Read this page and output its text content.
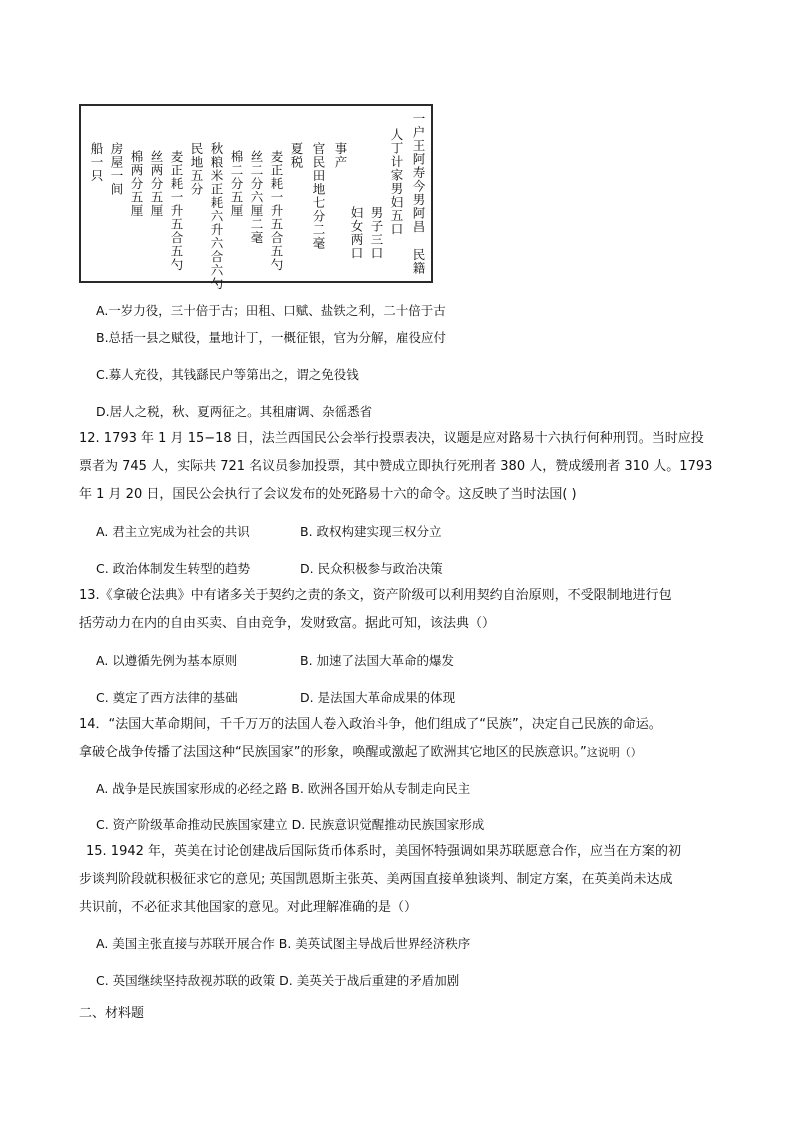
一户王阿寿今男阿昌
民籍
人丁计家男妇五口
男子三口
妇女两口
事产
官民田地七分二毫
夏税
麦正耗一升五合五勺
丝二分六厘二毫
棉二分五厘
秋粮米正耗六升六合六勺
民地五分
麦正耗一升五合五勺
丝两分五厘
棉两分五厘
房屋一间
船一只
A.一岁力役，三十倍于古；田租、口赋、盐铁之利，二十倍于古
B.总括一县之赋役，量地计丁，一概征银，官为分解，雇役应付
C.募人充役，其钱繇民户等第出之，谓之免役钱
D.居人之税，秋、夏两征之。其租庸调、杂徭悉省
12. 1793 年 1 月 15−18 日，法兰西国民公会举行投票表决，议题是应对路易十六执行何种刑罚。当时应投
票者为 745 人，实际共 721 名议员参加投票，其中赞成立即执行死刑者 380 人，赞成缓刑者 310 人。1793
年 1 月 20 日，国民公会执行了会议发布的处死路易十六的命令。这反映了当时法国( )
A. 君主立宪成为社会的共识	B. 政权构建实现三权分立
C. 政治体制发生转型的趋势	D. 民众积极参与政治决策
13.《拿破仑法典》中有诸多关于契约之责的条文，资产阶级可以利用契约自治原则，不受限制地进行包
括劳动力在内的自由买卖、自由竞争，发财致富。据此可知，该法典（）
A. 以遵循先例为基本原则	B. 加速了法国大革命的爆发
C. 奠定了西方法律的基础	D. 是法国大革命成果的体现
14．“法国大革命期间，千千万万的法国人卷入政治斗争，他们组成了“民族”，决定自己民族的命运。
拿破仑战争传播了法国这种“民族国家”的形象，唤醒或激起了欧洲其它地区的民族意识。”这说明（）
A. 战争是民族国家形成的必经之路 B. 欧洲各国开始从专制走向民主
C. 资产阶级革命推动民族国家建立 D. 民族意识觉醒推动民族国家形成
15. 1942 年，英美在讨论创建战后国际货币体系时，美国怀特强调如果苏联愿意合作，应当在方案的初
步谈判阶段就积极征求它的意见; 英国凯恩斯主张英、美两国直接单独谈判、制定方案，在英美尚未达成
共识前，不必征求其他国家的意见。对此理解准确的是（）
A. 美国主张直接与苏联开展合作 B. 美英试图主导战后世界经济秩序
C. 英国继续坚持敌视苏联的政策 D. 美英关于战后重建的矛盾加剧
二、材料题
